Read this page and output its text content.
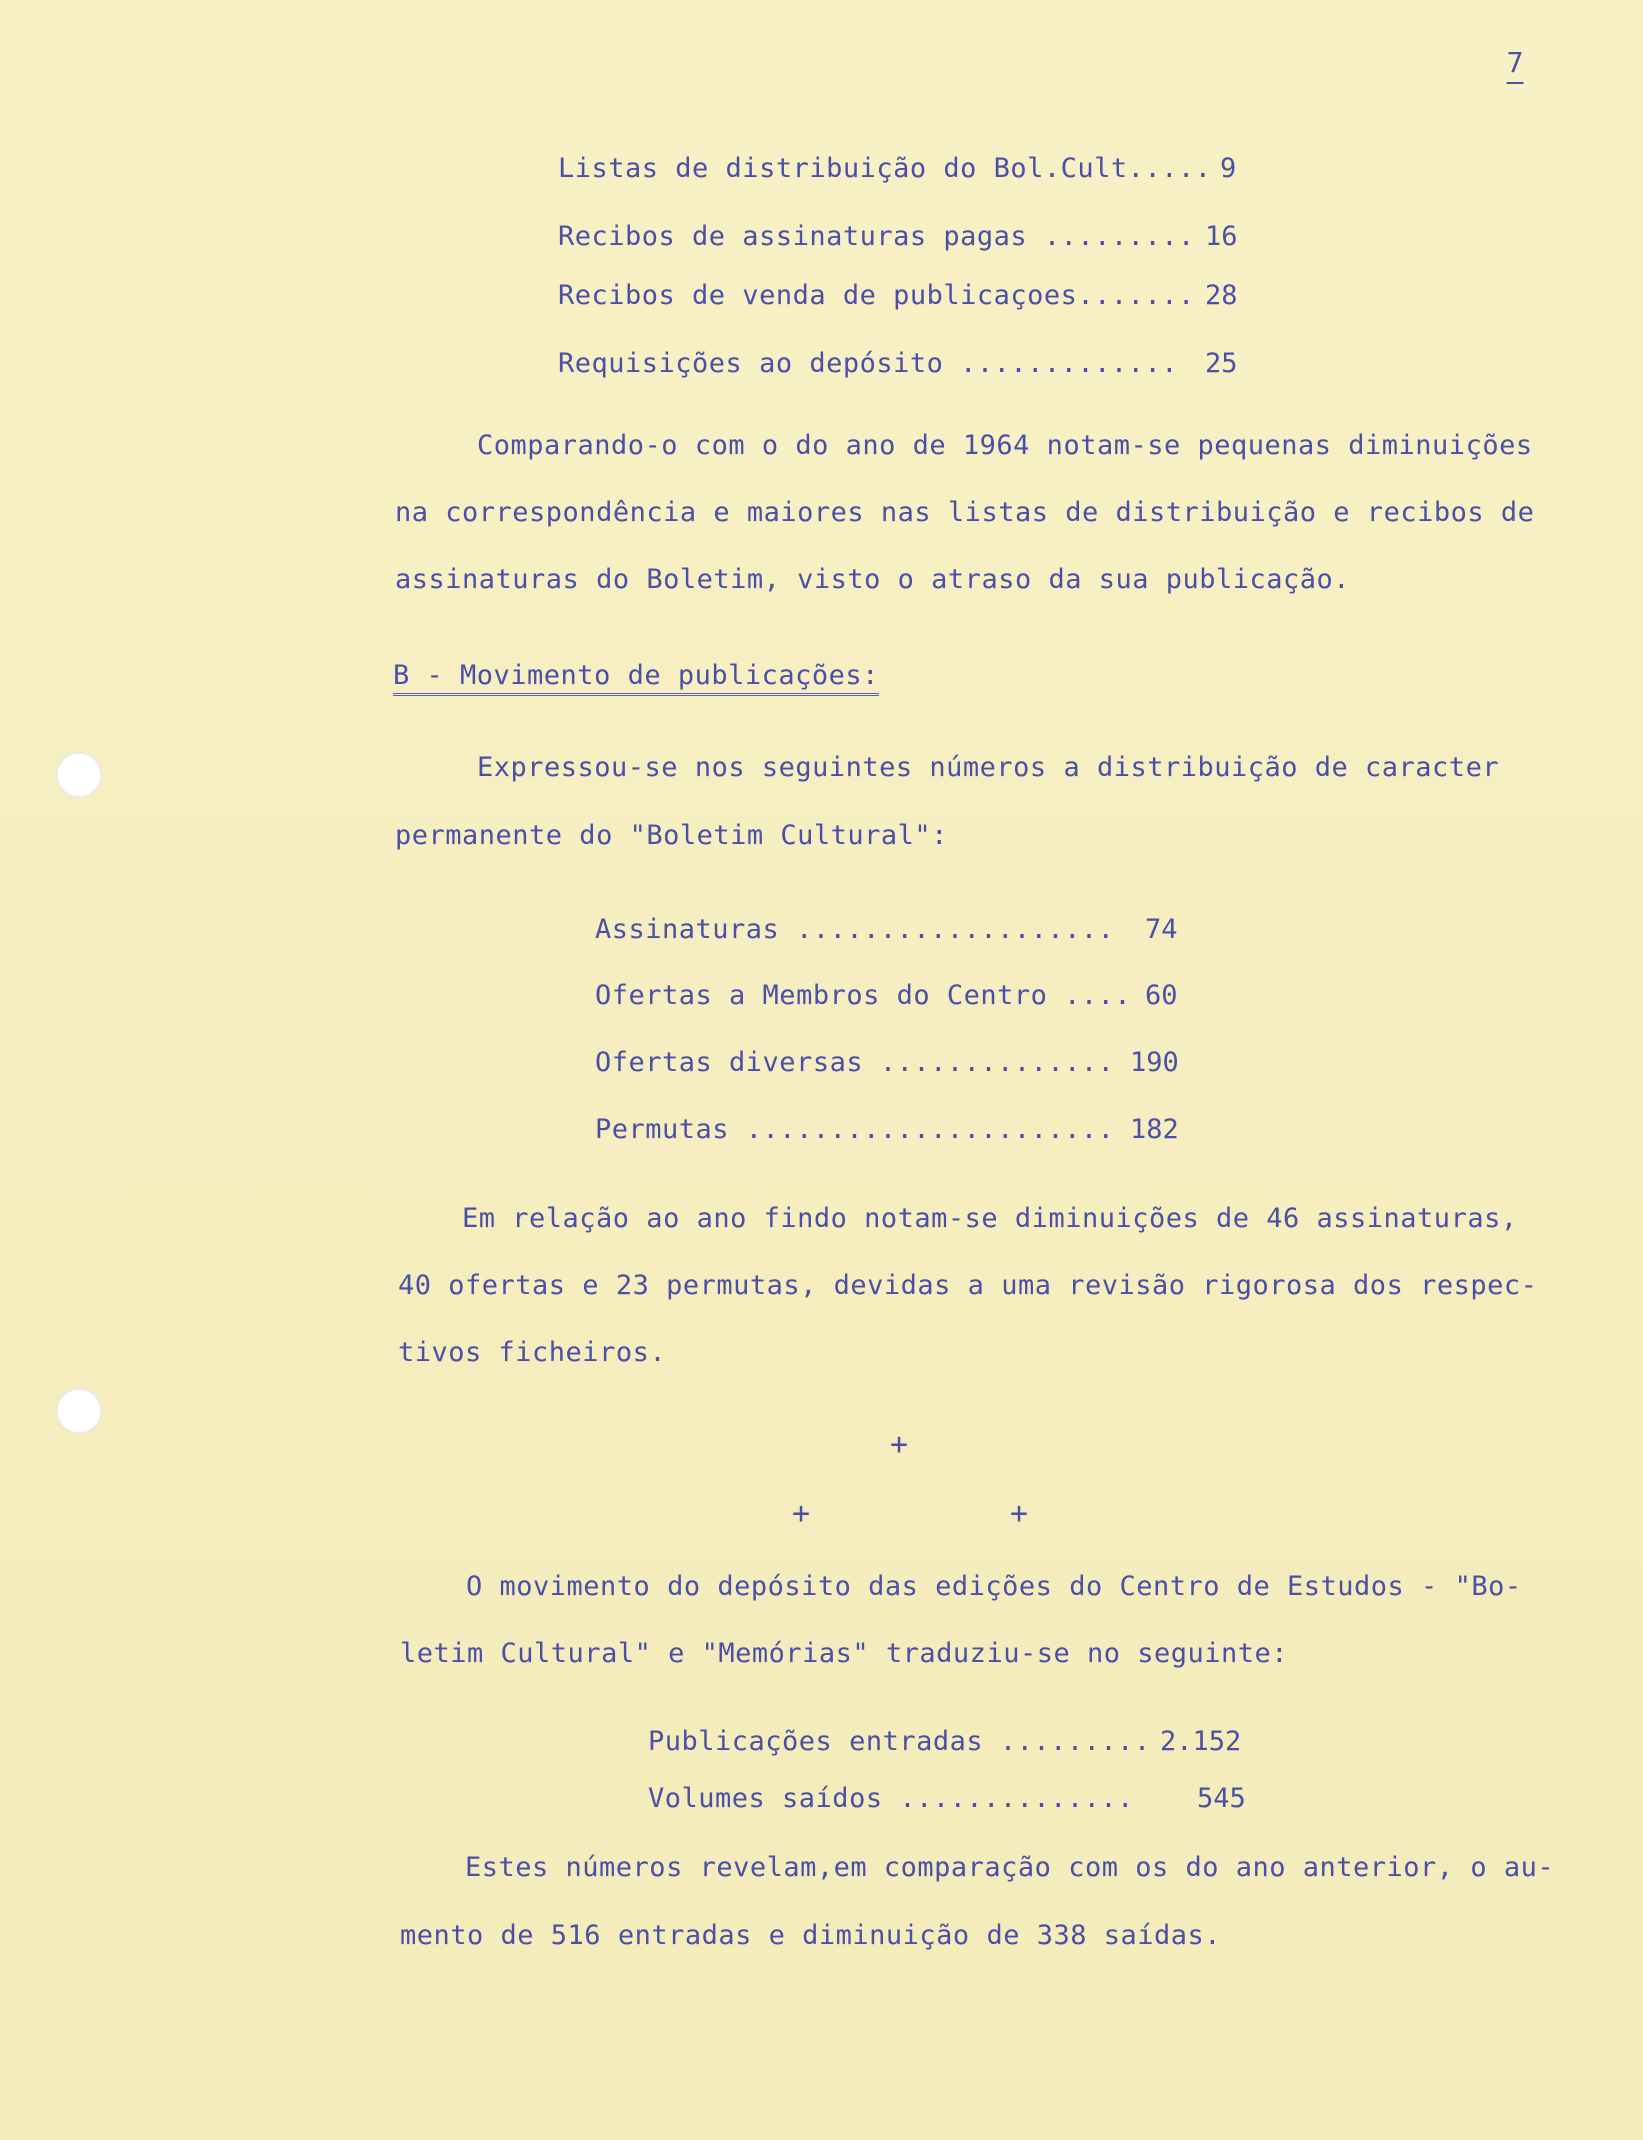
7
Listas de distribuição do Bol.Cult..... 9
Recibos de assinaturas pagas ......... 16
Recibos de venda de publicaçoes....... 28
Requisições ao depósito ............. 25
Comparando-o com o do ano de 1964 notam-se pequenas diminuições
na correspondência e maiores nas listas de distribuição e recibos de
assinaturas do Boletim, visto o atraso da sua publicação.
B - Movimento de publicações:
Expressou-se nos seguintes números a distribuição de caracter
permanente do "Boletim Cultural":
Assinaturas ................... 74
Ofertas a Membros do Centro .... 60
Ofertas diversas .............. 190
Permutas ...................... 182
Em relação ao ano findo notam-se diminuições de 46 assinaturas,
40 ofertas e 23 permutas, devidas a uma revisão rigorosa dos respec-
tivos ficheiros.
+
+	+
O movimento do depósito das edições do Centro de Estudos - "Bo-
letim Cultural" e "Memórias" traduziu-se no seguinte:
Publicações entradas ......... 2.152
Volumes saídos .............. 545
Estes números revelam,em comparação com os do ano anterior, o au-
mento de 516 entradas e diminuição de 338 saídas.
